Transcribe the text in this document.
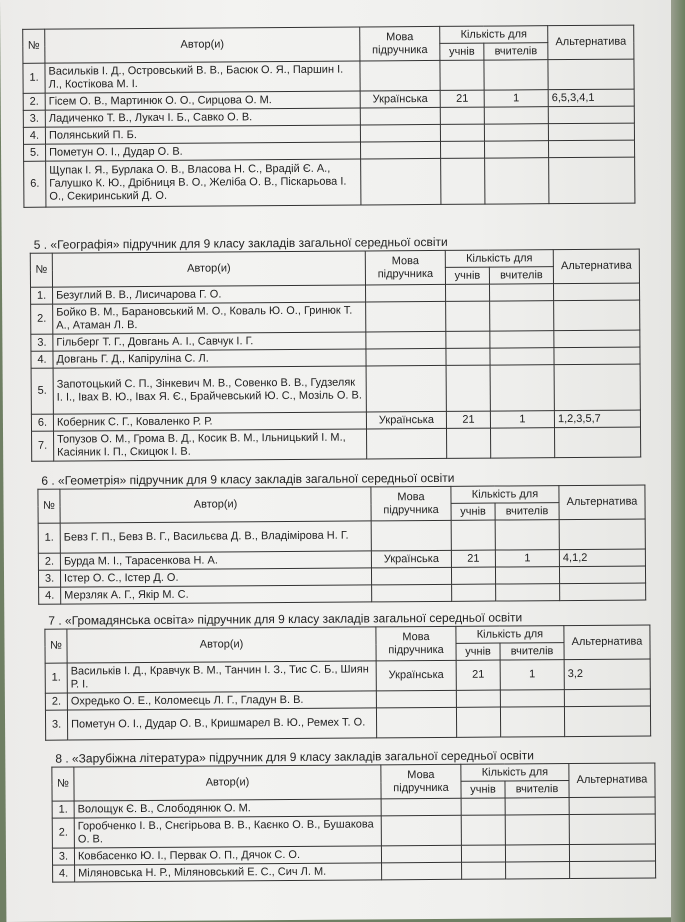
№	Автор(и)	Мова підручника	Кількість для		Альтернатива
			учнів	вчителів	
1.	Васильків І. Д., Островський В. В., Басюк О. Я., Паршин І. Л., Костікова М. І.				
2.	Гісем О. В., Мартинюк О. О., Сирцова О. М.	Українська	21	1	6,5,3,4,1
3.	Ладиченко Т. В., Лукач І. Б., Савко О. В.				
4.	Полянський П. Б.				
5.	Пометун О. І., Дудар О. В.				
6.	Щупак І. Я., Бурлака О. В., Власова Н. С., Врадій Є. А., Галушко К. Ю., Дрібниця В. О., Желіба О. В., Піскарьова І. О., Секиринський Д. О.				
5 . «Географія» підручник для 9 класу закладів загальної середньої освіти
№	Автор(и)	Мова підручника	Кількість для		Альтернатива
			учнів	вчителів	
1.	Безуглий В. В., Лисичарова Г. О.				
2.	Бойко В. М., Барановський М. О., Коваль Ю. О., Гринюк Т. А., Атаман Л. В.				
3.	Гільберг Т. Г., Довгань А. І., Савчук І. Г.				
4.	Довгань Г. Д., Капіруліна С. Л.				
5.	Запотоцький С. П., Зінкевич М. В., Совенко В. В., Гудзеляк І. І., Івах В. Ю., Івах Я. Є., Брайчевський Ю. С., Мозіль О. В.				
6.	Коберник С. Г., Коваленко Р. Р.	Українська	21	1	1,2,3,5,7
7.	Топузов О. М., Грома В. Д., Косик В. М., Ільницький І. М., Касіяник І. П., Скицюк І. В.				
6 . «Геометрія» підручник для 9 класу закладів загальної середньої освіти
№	Автор(и)	Мова підручника	Кількість для		Альтернатива
			учнів	вчителів	
1.	Бевз Г. П., Бевз В. Г., Васильєва Д. В., Владімірова Н. Г.				
2.	Бурда М. І., Тарасенкова Н. А.	Українська	21	1	4,1,2
3.	Істер О. С., Істер Д. О.				
4.	Мерзляк А. Г., Якір М. С.				
7 . «Громадянська освіта» підручник для 9 класу закладів загальної середньої освіти
№	Автор(и)	Мова підручника	Кількість для		Альтернатива
			учнів	вчителів	
1.	Васильків І. Д., Кравчук В. М., Танчин І. З., Тис С. Б., Шиян Р. І.	Українська	21	1	3,2
2.	Охредько О. Е., Коломеєць Л. Г., Гладун В. В.				
3.	Пометун О. І., Дудар О. В., Кришмарел В. Ю., Ремех Т. О.				
8 . «Зарубіжна література» підручник для 9 класу закладів загальної середньої освіти
№	Автор(и)	Мова підручника	Кількість для		Альтернатива
			учнів	вчителів	
1.	Волощук Є. В., Слободянюк О. М.				
2.	Горобченко І. В., Снєгірьова В. В., Каєнко О. В., Бушакова О. В.				
3.	Ковбасенко Ю. І., Первак О. П., Дячок С. О.				
4.	Міляновська Н. Р., Міляновський Е. С., Сич Л. М.				
